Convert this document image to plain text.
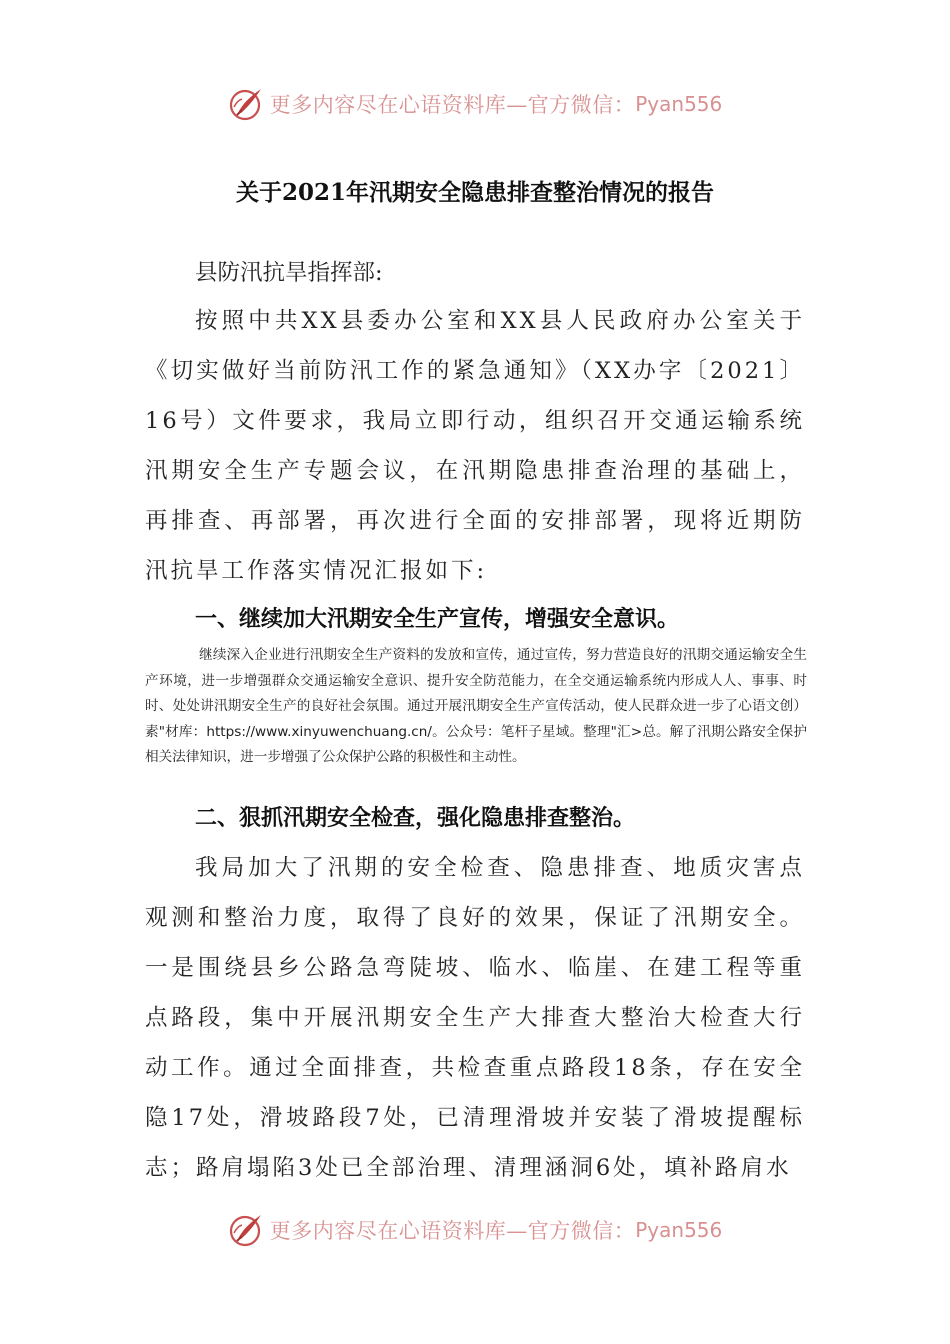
更多内容尽在心语资料库—官方微信： Pyan556
关于2021年汛期安全隐患排查整治情况的报告
县防汛抗旱指挥部:
按照中共XX县委办公室和XX县人民政府办公室关于《切实做好当前防汛工作的紧急通知》（XX办字〔2021〕16号）文件要求，我局立即行动，组织召开交通运输系统汛期安全生产专题会议，在汛期隐患排查治理的基础上，再排查、再部署，再次进行全面的安排部署，现将近期防汛抗旱工作落实情况汇报如下:
一、继续加大汛期安全生产宣传，增强安全意识。
继续深入企业进行汛期安全生产资料的发放和宣传，通过宣传，努力营造良好的汛期交通运输安全生产环境，进一步增强群众交通运输安全意识、提升安全防范能力，在全交通运输系统内形成人人、事事、时时、处处讲汛期安全生产的良好社会氛围。通过开展汛期安全生产宣传活动，使人民群众进一步了心语文创）素"材库：https://www.xinyuwenchuang.cn/。公众号：笔杆子星域。整理"汇>总。解了汛期公路安全保护相关法律知识，进一步增强了公众保护公路的积极性和主动性。
二、狠抓汛期安全检查，强化隐患排查整治。
我局加大了汛期的安全检查、隐患排查、地质灾害点观测和整治力度，取得了良好的效果，保证了汛期安全。一是围绕县乡公路急弯陡坡、临水、临崖、在建工程等重点路段，集中开展汛期安全生产大排查大整治大检查大行动工作。通过全面排查，共检查重点路段18条，存在安全隐17处，滑坡路段7处，已清理滑坡并安装了滑坡提醒标志；路肩塌陷3处已全部治理、清理涵洞6处，填补路肩水
更多内容尽在心语资料库—官方微信： Pyan556
